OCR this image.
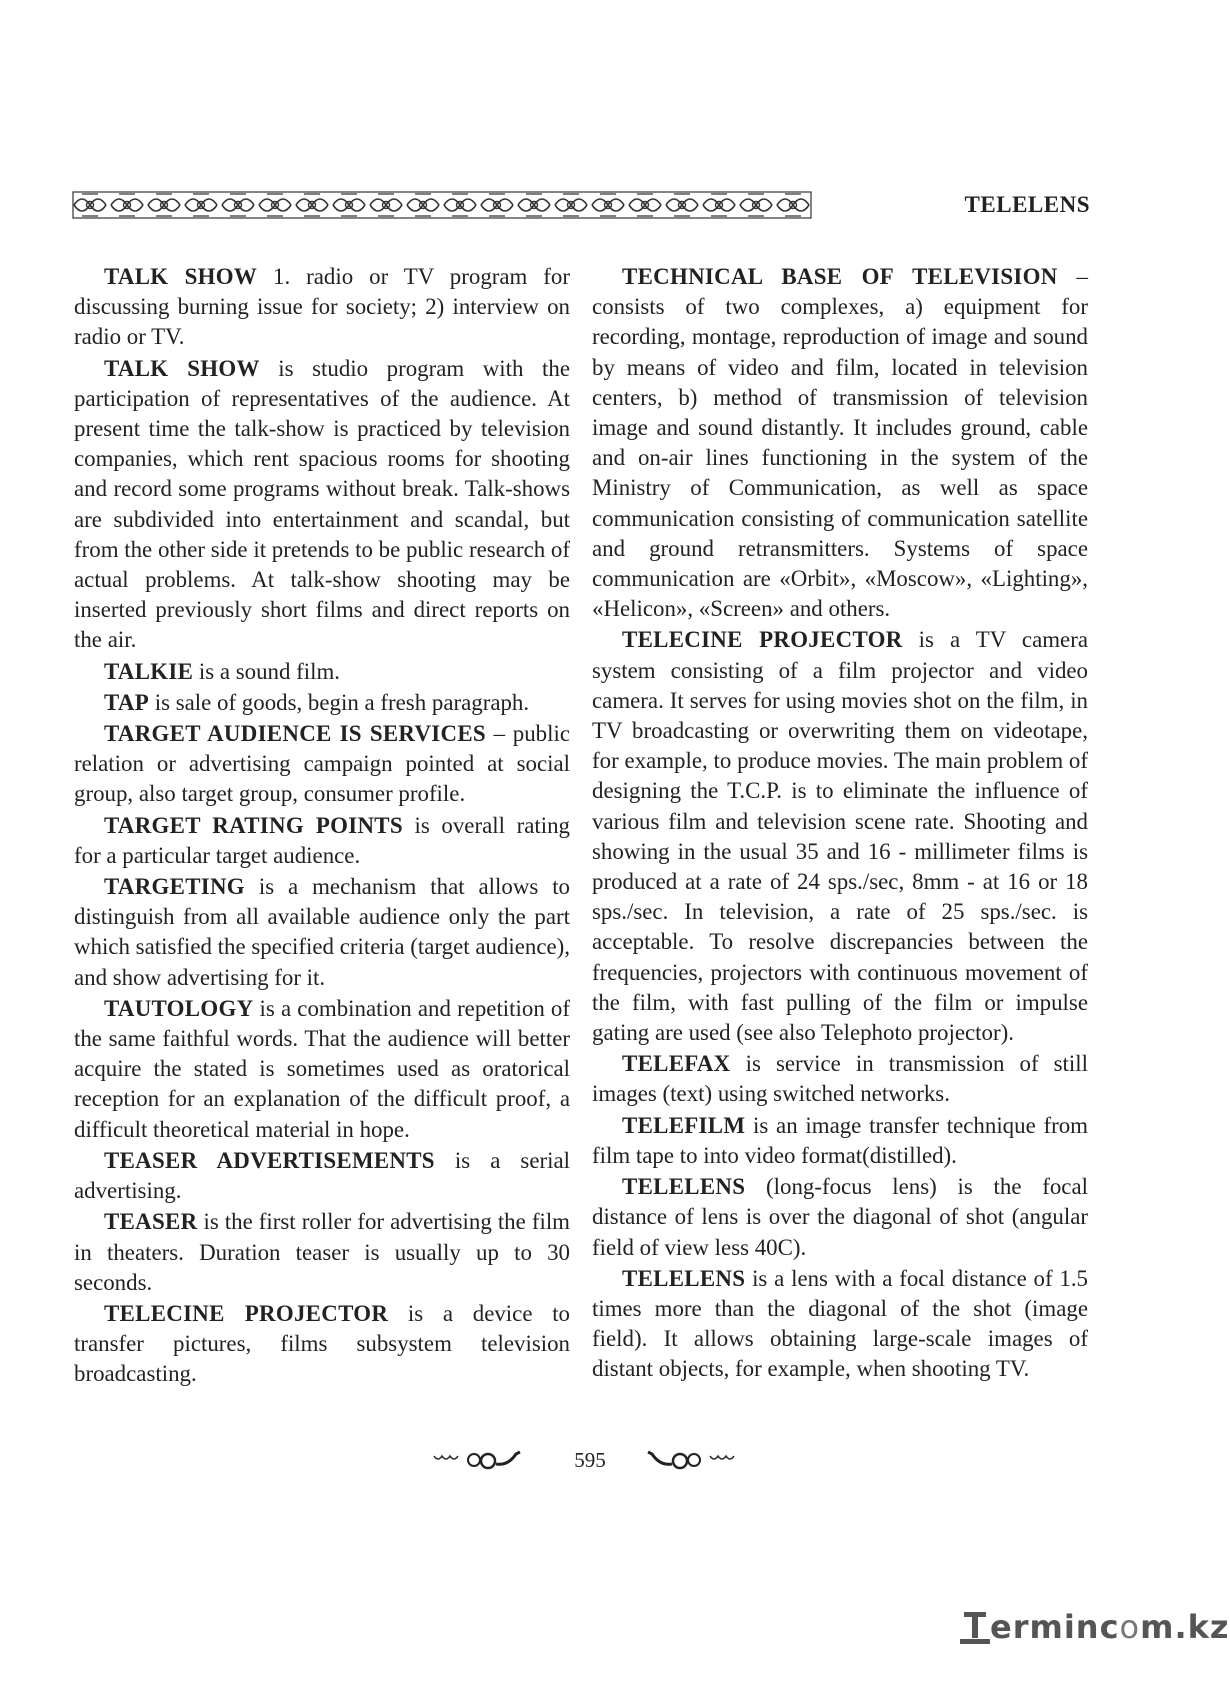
TELELENS

TALK SHOW 1. radio or TV program for discussing burning issue for society; 2) interview on radio or TV.

TALK SHOW is studio program with the participation of representatives of the audience. At present time the talk-show is practiced by television companies, which rent spacious rooms for shooting and record some programs without break. Talk-shows are subdivided into entertainment and scandal, but from the other side it pretends to be public research of actual problems. At talk-show shooting may be inserted previously short films and direct reports on the air.

TALKIE is a sound film.

TAP is sale of goods, begin a fresh paragraph.

TARGET AUDIENCE IS SERVICES – public relation or advertising campaign pointed at social group, also target group, consumer profile.

TARGET RATING POINTS is overall rating for a particular target audience.

TARGETING is a mechanism that allows to distinguish from all available audience only the part which satisfied the specified criteria (target audience), and show advertising for it.

TAUTOLOGY is a combination and repetition of the same faithful words. That the audience will better acquire the stated is sometimes used as oratorical reception for an explanation of the difficult proof, a difficult theoretical material in hope.

TEASER ADVERTISEMENTS is a serial advertising.

TEASER is the first roller for advertising the film in theaters. Duration teaser is usually up to 30 seconds.

TELECINE PROJECTOR is a device to transfer pictures, films subsystem television broadcasting.

TECHNICAL BASE OF TELEVISION – consists of two complexes, a) equipment for recording, montage, reproduction of image and sound by means of video and film, located in television centers, b) method of transmission of television image and sound distantly. It includes ground, cable and on-air lines functioning in the system of the Ministry of Communication, as well as space communication consisting of communication satellite and ground retransmitters. Systems of space communication are «Orbit», «Moscow», «Lighting», «Helicon», «Screen» and others.

TELECINE PROJECTOR is a TV camera system consisting of a film projector and video camera. It serves for using movies shot on the film, in TV broadcasting or overwriting them on videotape, for example, to produce movies. The main problem of designing the T.C.P. is to eliminate the influence of various film and television scene rate. Shooting and showing in the usual 35 and 16 - millimeter films is produced at a rate of 24 sps./sec, 8mm - at 16 or 18 sps./sec. In television, a rate of 25 sps./sec. is acceptable. To resolve discrepancies between the frequencies, projectors with continuous movement of the film, with fast pulling of the film or impulse gating are used (see also Telephoto projector).

TELEFAX is service in transmission of still images (text) using switched networks.

TELEFILM is an image transfer technique from film tape to into video format(distilled).

TELELENS (long-focus lens) is the focal distance of lens is over the diagonal of shot (angular field of view less 40C).

TELELENS is a lens with a focal distance of 1.5 times more than the diagonal of the shot (image field). It allows obtaining large-scale images of distant objects, for example, when shooting TV.

595
ermincom.kz
